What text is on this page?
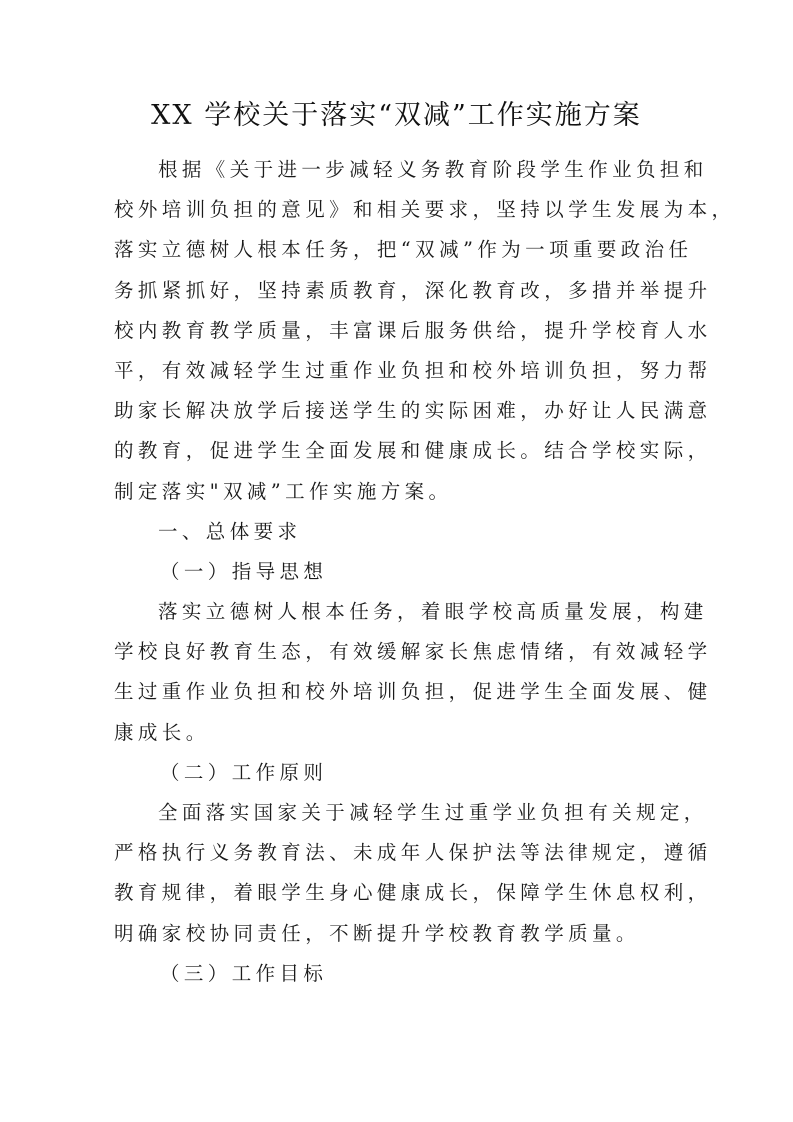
XX 学校关于落实“双减”工作实施方案
根据《关于进一步减轻义务教育阶段学生作业负担和
校外培训负担的意见》和相关要求，坚持以学生发展为本，
落实立德树人根本任务，把“双减”作为一项重要政治任
务抓紧抓好，坚持素质教育，深化教育改，多措并举提升
校内教育教学质量，丰富课后服务供给，提升学校育人水
平，有效减轻学生过重作业负担和校外培训负担，努力帮
助家长解决放学后接送学生的实际困难，办好让人民满意
的教育，促进学生全面发展和健康成长。结合学校实际，
制定落实"双减”工作实施方案。
一、总体要求
（一）指导思想
落实立德树人根本任务，着眼学校高质量发展，构建
学校良好教育生态，有效缓解家长焦虑情绪，有效减轻学
生过重作业负担和校外培训负担，促进学生全面发展、健
康成长。
（二）工作原则
全面落实国家关于减轻学生过重学业负担有关规定，
严格执行义务教育法、未成年人保护法等法律规定，遵循
教育规律，着眼学生身心健康成长，保障学生休息权利，
明确家校协同责任，不断提升学校教育教学质量。
（三）工作目标
